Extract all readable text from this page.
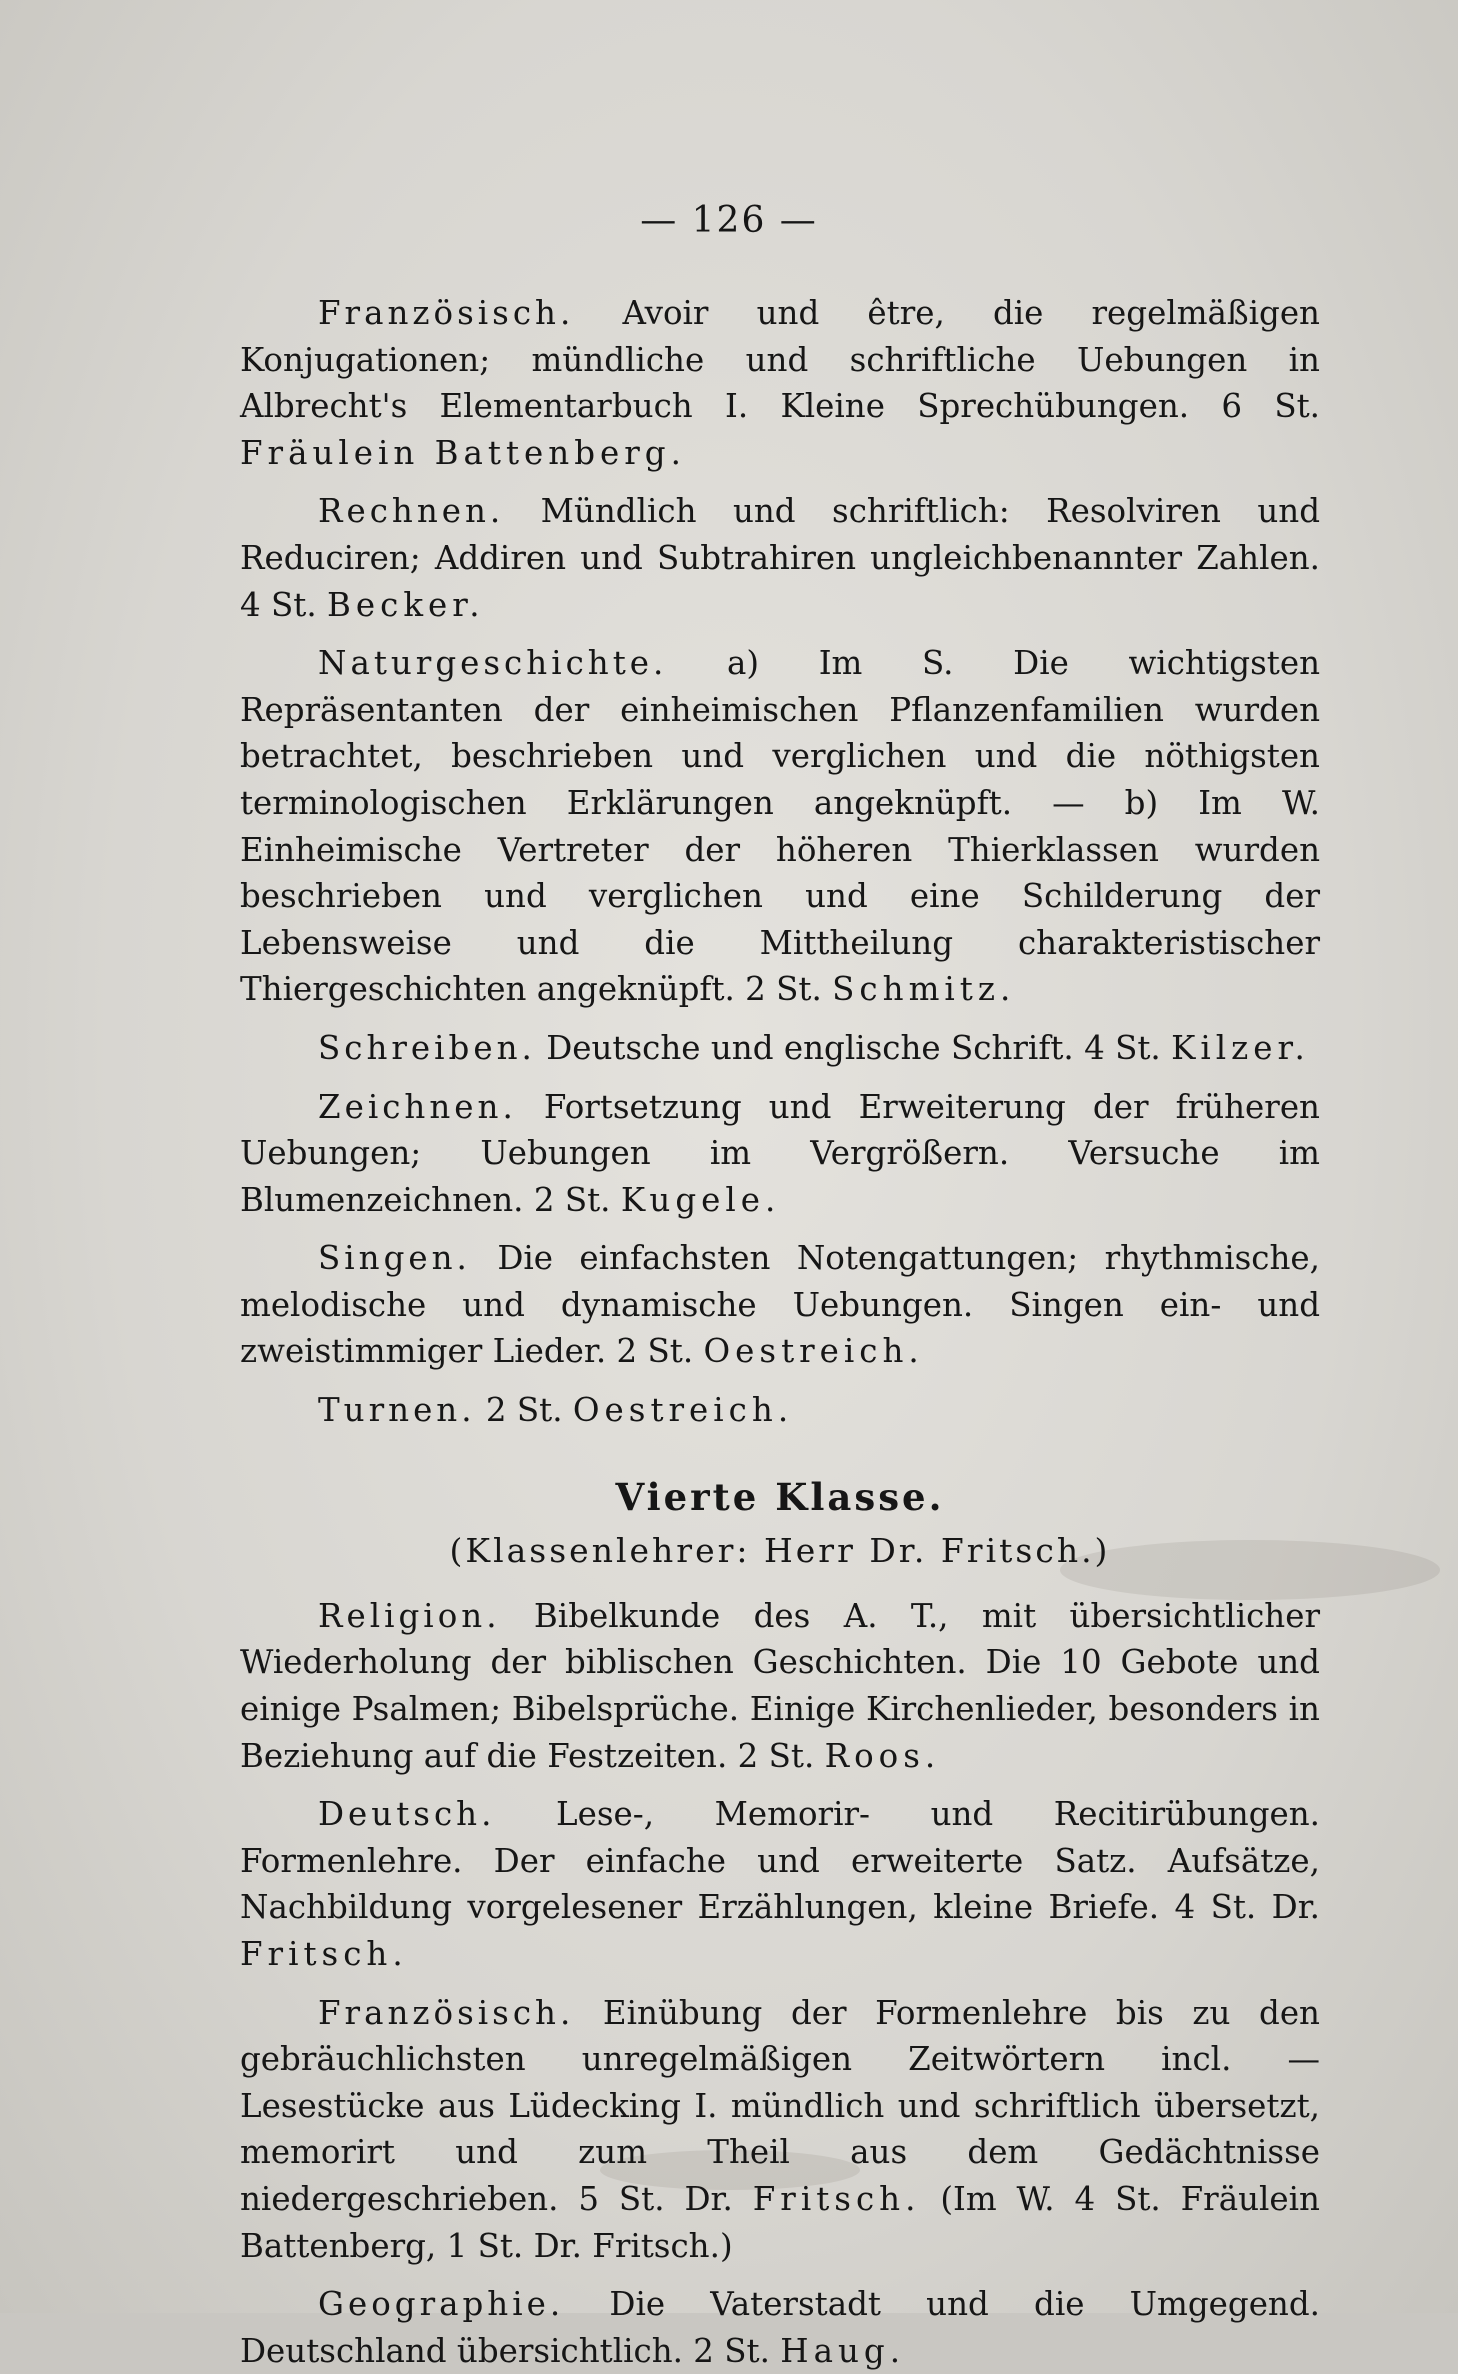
— 126 —

Französisch. Avoir und être, die regelmäßigen Konjugationen; mündliche und schriftliche Uebungen in Albrecht's Elementarbuch I. Kleine Sprechübungen. 6 St. Fräulein Battenberg.

Rechnen. Mündlich und schriftlich: Resolviren und Reduciren; Addiren und Subtrahiren ungleichbenannter Zahlen. 4 St. Becker.

Naturgeschichte. a) Im S. Die wichtigsten Repräsentanten der einheimischen Pflanzenfamilien wurden betrachtet, beschrieben und verglichen und die nöthigsten terminologischen Erklärungen angeknüpft. — b) Im W. Einheimische Vertreter der höheren Thierklassen wurden beschrieben und verglichen und eine Schilderung der Lebensweise und die Mittheilung charakteristischer Thiergeschichten angeknüpft. 2 St. Schmitz.

Schreiben. Deutsche und englische Schrift. 4 St. Kilzer.

Zeichnen. Fortsetzung und Erweiterung der früheren Uebungen; Uebungen im Vergrößern. Versuche im Blumenzeichnen. 2 St. Kugele.

Singen. Die einfachsten Notengattungen; rhythmische, melodische und dynamische Uebungen. Singen ein- und zweistimmiger Lieder. 2 St. Oestreich.

Turnen. 2 St. Oestreich.

Vierte Klasse.
(Klassenlehrer: Herr Dr. Fritsch.)

Religion. Bibelkunde des A. T., mit übersichtlicher Wiederholung der biblischen Geschichten. Die 10 Gebote und einige Psalmen; Bibelsprüche. Einige Kirchenlieder, besonders in Beziehung auf die Festzeiten. 2 St. Roos.

Deutsch. Lese-, Memorir- und Recitirübungen. Formenlehre. Der einfache und erweiterte Satz. Aufsätze, Nachbildung vorgelesener Erzählungen, kleine Briefe. 4 St. Dr. Fritsch.

Französisch. Einübung der Formenlehre bis zu den gebräuchlichsten unregelmäßigen Zeitwörtern incl. — Lesestücke aus Lüdecking I. mündlich und schriftlich übersetzt, memorirt und zum Theil aus dem Gedächtnisse niedergeschrieben. 5 St. Dr. Fritsch. (Im W. 4 St. Fräulein Battenberg, 1 St. Dr. Fritsch.)

Geographie. Die Vaterstadt und die Umgegend. Deutschland übersichtlich. 2 St. Haug.
